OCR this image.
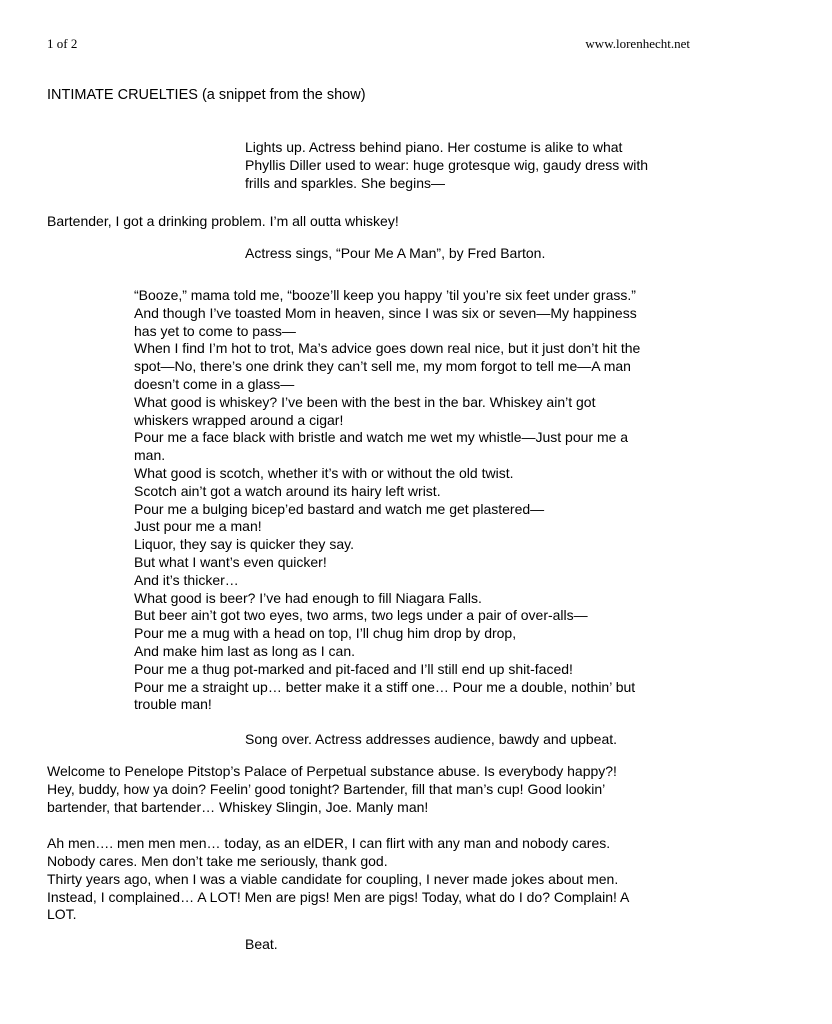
1 of 2	www.lorenhecht.net
INTIMATE CRUELTIES (a snippet from the show)
Lights up. Actress behind piano. Her costume is alike to what
Phyllis Diller used to wear: huge grotesque wig, gaudy dress with
frills and sparkles. She begins—
Bartender, I got a drinking problem. I’m all outta whiskey!
Actress sings, “Pour Me A Man”, by Fred Barton.
“Booze,” mama told me, “booze’ll keep you happy ’til you’re six feet under grass.”
And though I’ve toasted Mom in heaven, since I was six or seven—My happiness
has yet to come to pass—
When I find I’m hot to trot, Ma’s advice goes down real nice, but it just don’t hit the
spot—No, there’s one drink they can’t sell me, my mom forgot to tell me—A man
doesn’t come in a glass—
What good is whiskey? I’ve been with the best in the bar. Whiskey ain’t got
whiskers wrapped around a cigar!
Pour me a face black with bristle and watch me wet my whistle—Just pour me a
man.
What good is scotch, whether it’s with or without the old twist.
Scotch ain’t got a watch around its hairy left wrist.
Pour me a bulging bicep’ed bastard and watch me get plastered—
Just pour me a man!
Liquor, they say is quicker they say.
But what I want’s even quicker!
And it’s thicker…
What good is beer? I’ve had enough to fill Niagara Falls.
But beer ain’t got two eyes, two arms, two legs under a pair of over-alls—
Pour me a mug with a head on top, I’ll chug him drop by drop,
And make him last as long as I can.
Pour me a thug pot-marked and pit-faced and I’ll still end up shit-faced!
Pour me a straight up… better make it a stiff one… Pour me a double, nothin’ but
trouble man!
Song over. Actress addresses audience, bawdy and upbeat.
Welcome to Penelope Pitstop’s Palace of Perpetual substance abuse. Is everybody happy?!
Hey, buddy, how ya doin? Feelin’ good tonight? Bartender, fill that man’s cup! Good lookin’
bartender, that bartender… Whiskey Slingin, Joe. Manly man!
Ah men…. men men men… today, as an elDER, I can flirt with any man and nobody cares.
Nobody cares. Men don’t take me seriously, thank god.
Thirty years ago, when I was a viable candidate for coupling, I never made jokes about men.
Instead, I complained… A LOT! Men are pigs! Men are pigs! Today, what do I do? Complain! A
LOT.
Beat.
